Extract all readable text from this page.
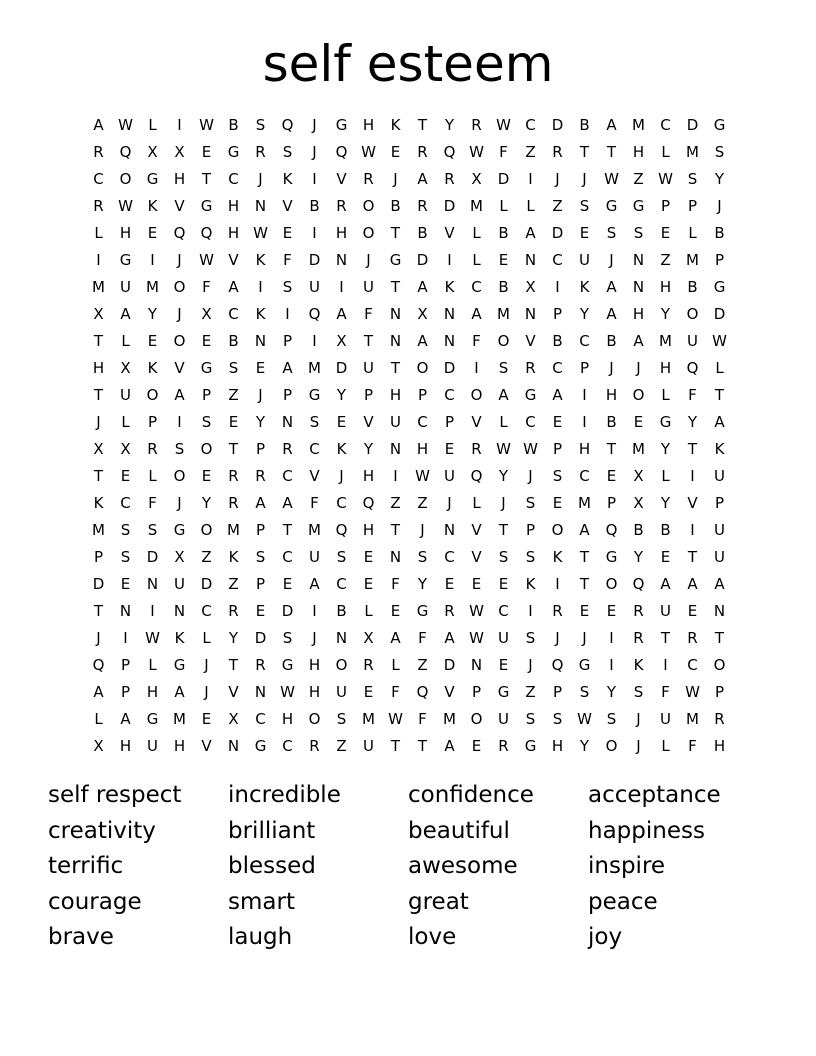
self esteem
A W	L	I	W B	S	Q	J	G	H	K	T	Y	R W C	D	B	A	M	C	D	G
R	Q	X	X	E	G	R	S	J	Q W E	R	Q W	F	Z	R	T	T	H	L	M	S
C	O	G	H	T	C	J	K	I	V	R	J	A	R	X	D	I	J	J	W Z W S	Y
R W K	V	G	H	N	V	B	R	O	B	R	D M	L	L	Z	S	G	G	P	P	J
L	H	E	Q	Q	H W E	I	H	O	T	B	V	L	B	A	D	E	S	S	E	L	B
I	G	I	J	W V	K	F	D	N	J	G	D	I	L	E	N	C	U	J	N	Z	M	P
M	U	M O	F	A	I	S	U	I	U	T	A	K	C	B	X	I	K	A	N	H	B	G
X	A	Y	J	X	C	K	I	Q	A	F	N	X	N	A	M N	P	Y	A	H	Y	O	D
T	L	E	O	E	B	N	P	I	X	T	N	A	N	F	O	V	B	C	B	A	M	U W
H	X	K	V	G	S	E	A	M D	U	T	O	D	I	S	R	C	P	J	J	H	Q	L
T	U	O	A	P	Z	J	P	G	Y	P	H	P	C	O	A	G	A	I	H	O	L	F	T
J	L	P	I	S	E	Y	N	S	E	V	U	C	P	V	L	C	E	I	B	E	G	Y	A
X	X	R	S	O	T	P	R	C	K	Y	N	H	E	R W W	P	H	T	M	Y	T	K
T	E	L	O	E	R	R	C	V	J	H	I	W U	Q	Y	J	S	C	E	X	L	I	U
K	C	F	J	Y	R	A	A	F	C	Q	Z	Z	J	L	J	S	E	M	P	X	Y	V	P
M	S	S	G	O M	P	T	M Q	H	T	J	N	V	T	P	O	A	Q	B	B	I	U
P	S	D	X	Z	K	S	C	U	S	E	N	S	C	V	S	S	K	T	G	Y	E	T	U
D	E	N	U	D	Z	P	E	A	C	E	F	Y	E	E	E	K	I	T	O	Q	A	A	A
T	N	I	N	C	R	E	D	I	B	L	E	G	R W C	I	R	E	E	R	U	E	N
J	I	W K	L	Y	D	S	J	N	X	A	F	A W U	S	J	J	I	R	T	R	T
Q	P	L	G	J	T	R	G	H	O	R	L	Z	D	N	E	J	Q	G	I	K	I	C	O
A	P	H	A	J	V	N W H	U	E	F	Q	V	P	G	Z	P	S	Y	S	F	W	P
L	A	G M	E	X	C	H	O	S	M W	F	M O	U	S	S W S	J	U	M	R
X	H	U	H	V	N	G	C	R	Z	U	T	T	A	E	R	G	H	Y	O	J	L	F	H
self respect	incredible	confidence	acceptance
creativity	brilliant	beautiful	happiness
terrific	blessed	awesome	inspire
courage	smart	great	peace
brave	laugh	love	joy
